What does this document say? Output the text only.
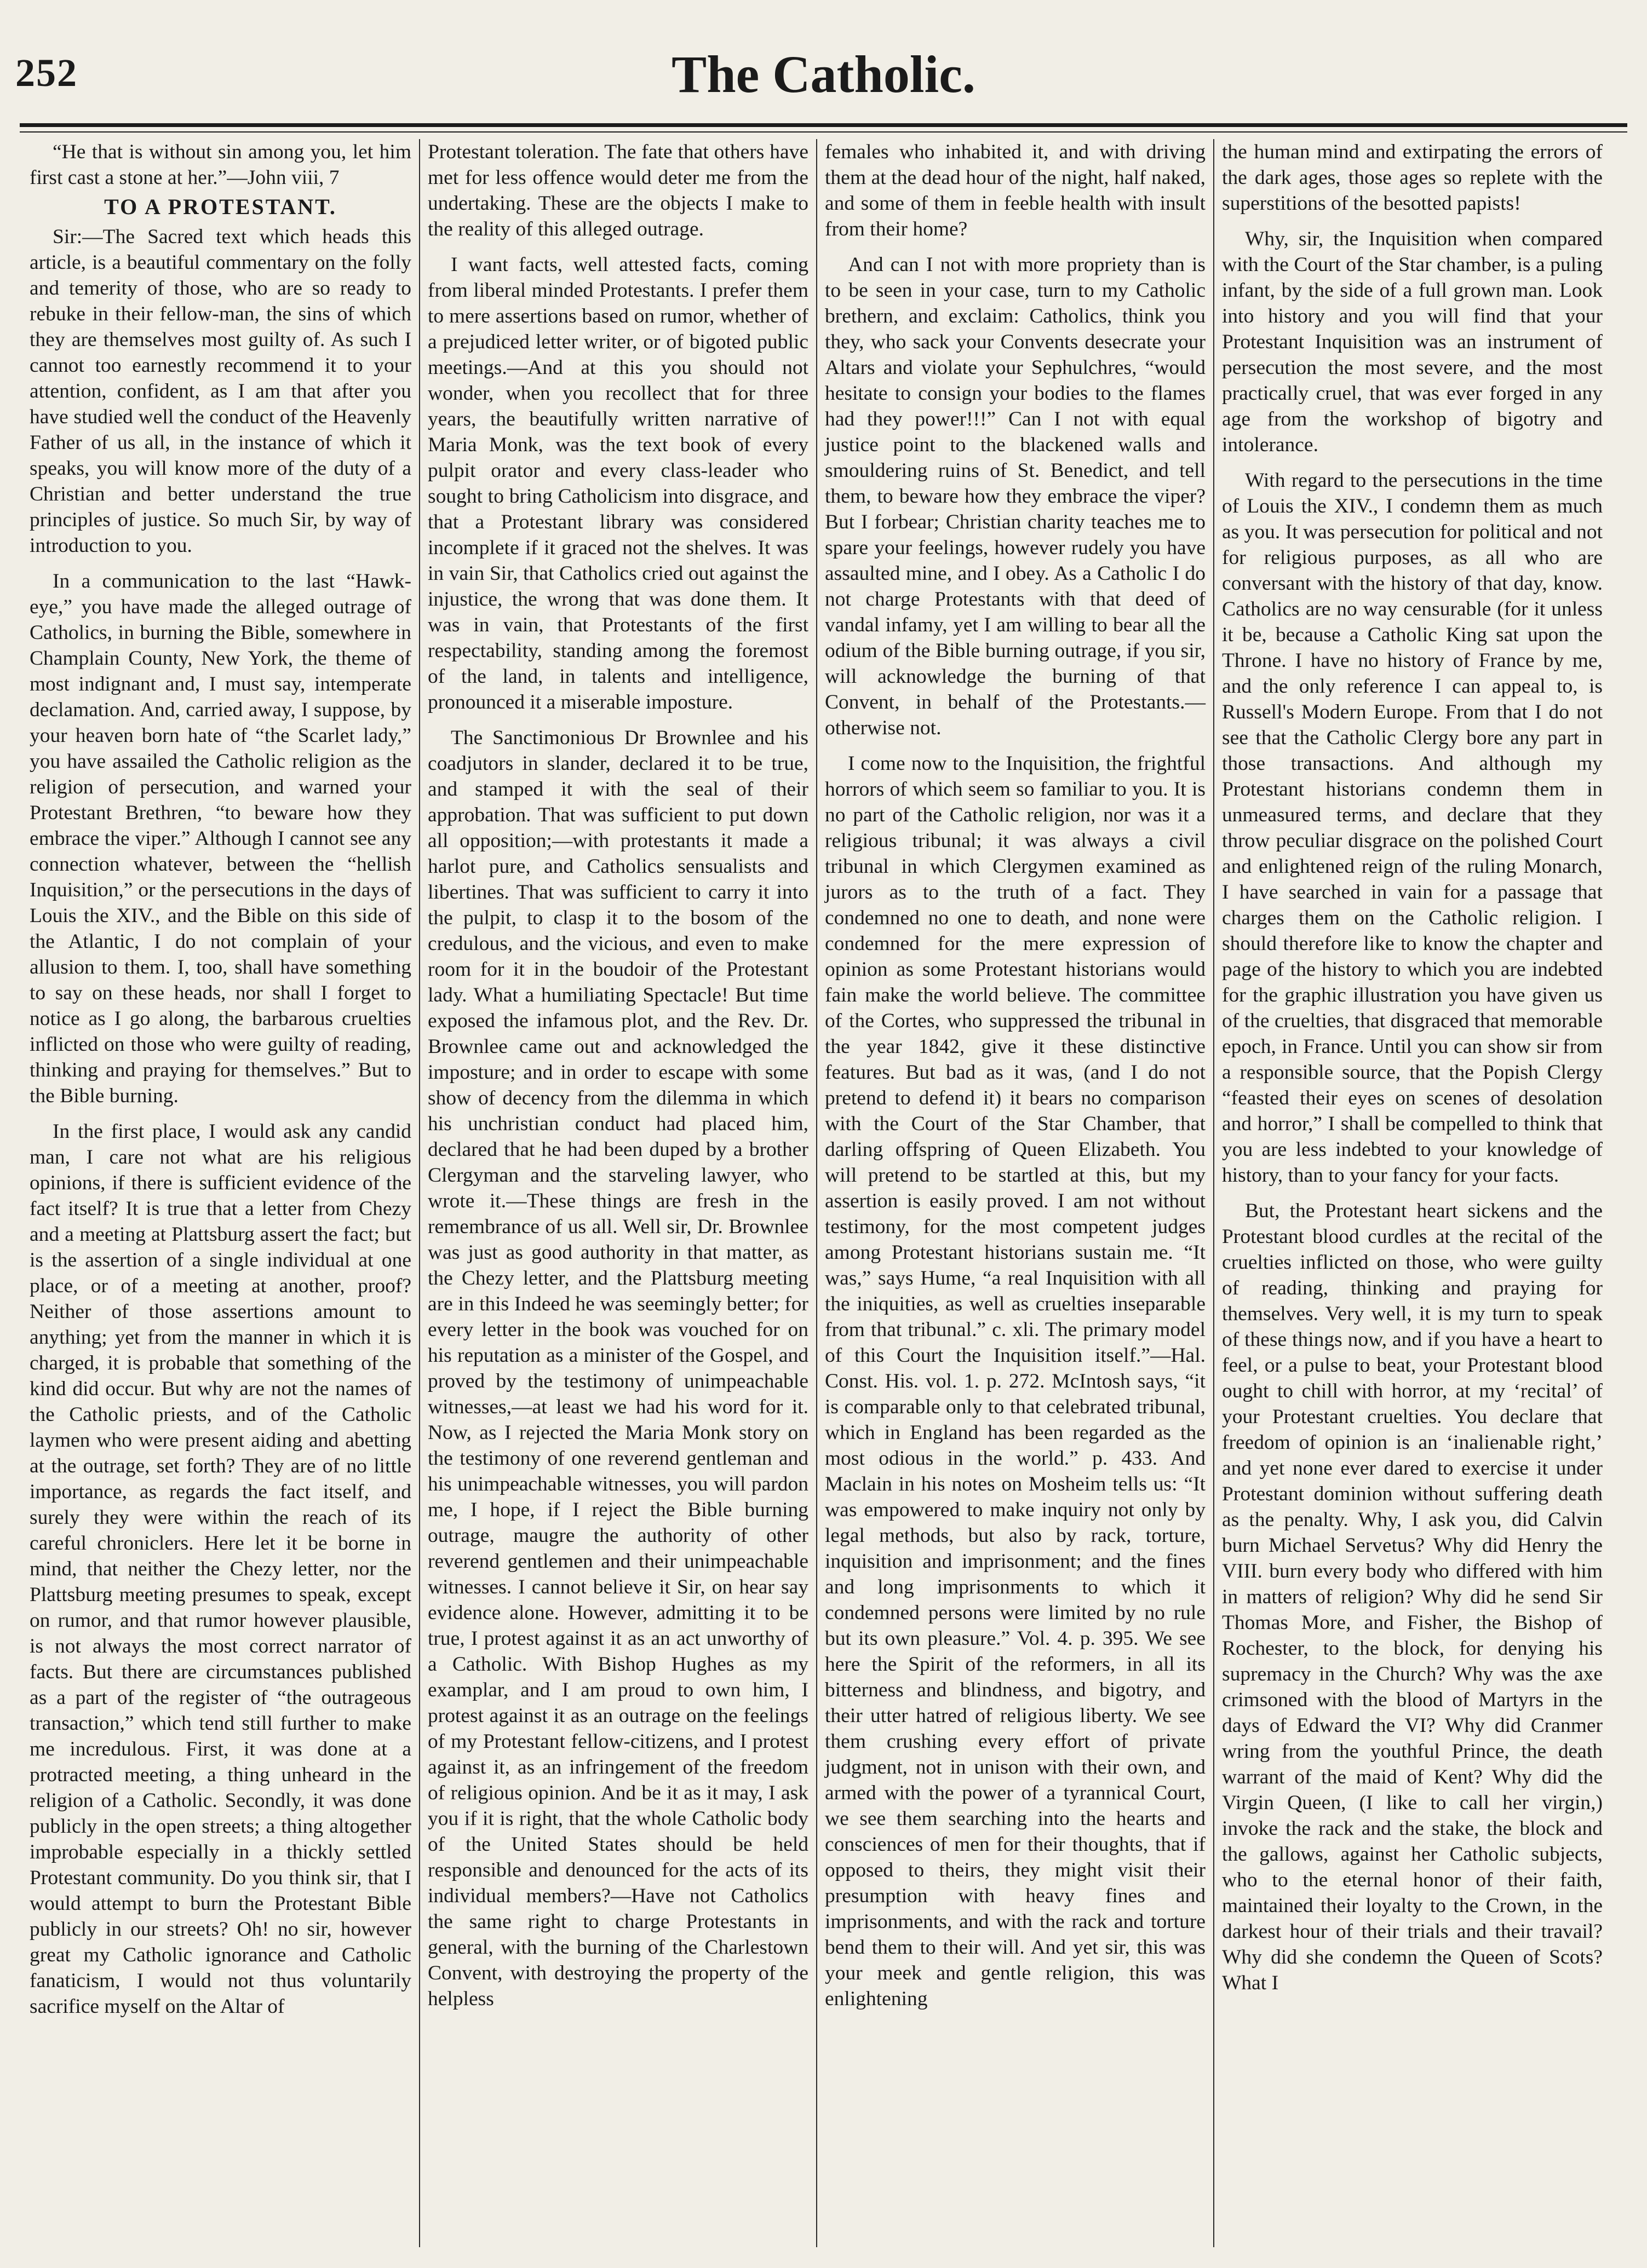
252	The Catholic.

“He that is without sin among you, let him first cast a stone at her.”—John viii, 7

TO A PROTESTANT.

Sir:—The Sacred text which heads this article, is a beautiful commentary on the folly and temerity of those, who are so ready to rebuke in their fellow-man, the sins of which they are themselves most guilty of. As such I cannot too earnestly recommend it to your attention, confident, as I am that after you have studied well the conduct of the Heavenly Father of us all, in the instance of which it speaks, you will know more of the duty of a Christian and better understand the true principles of justice. So much Sir, by way of introduction to you.

In a communication to the last “Hawk-eye,” you have made the alleged outrage of Catholics, in burning the Bible, somewhere in Champlain County, New York, the theme of most indignant and, I must say, intemperate declamation. And, carried away, I suppose, by your heaven born hate of “the Scarlet lady,” you have assailed the Catholic religion as the religion of persecution, and warned your Protestant Brethren, “to beware how they embrace the viper.” Although I cannot see any connection whatever, between the “hellish Inquisition,” or the persecutions in the days of Louis the XIV., and the Bible on this side of the Atlantic, I do not complain of your allusion to them. I, too, shall have something to say on these heads, nor shall I forget to notice as I go along, the barbarous cruelties inflicted on those who were guilty of reading, thinking and praying for themselves.” But to the Bible burning.

In the first place, I would ask any candid man, I care not what are his religious opinions, if there is sufficient evidence of the fact itself? It is true that a letter from Chezy and a meeting at Plattsburg assert the fact; but is the assertion of a single individual at one place, or of a meeting at another, proof? Neither of those assertions amount to anything; yet from the manner in which it is charged, it is probable that something of the kind did occur. But why are not the names of the Catholic priests, and of the Catholic laymen who were present aiding and abetting at the outrage, set forth? They are of no little importance, as regards the fact itself, and surely they were within the reach of its careful chroniclers. Here let it be borne in mind, that neither the Chezy letter, nor the Plattsburg meeting presumes to speak, except on rumor, and that rumor however plausible, is not always the most correct narrator of facts. But there are circumstances published as a part of the register of “the outrageous transaction,” which tend still further to make me incredulous. First, it was done at a protracted meeting, a thing unheard in the religion of a Catholic. Secondly, it was done publicly in the open streets; a thing altogether improbable especially in a thickly settled Protestant community. Do you think sir, that I would attempt to burn the Protestant Bible publicly in our streets? Oh! no sir, however great my Catholic ignorance and Catholic fanaticism, I would not thus voluntarily sacrifice myself on the Altar of

Protestant toleration. The fate that others have met for less offence would deter me from the undertaking. These are the objects I make to the reality of this alleged outrage.

I want facts, well attested facts, coming from liberal minded Protestants. I prefer them to mere assertions based on rumor, whether of a prejudiced letter writer, or of bigoted public meetings.—And at this you should not wonder, when you recollect that for three years, the beautifully written narrative of Maria Monk, was the text book of every pulpit orator and every class-leader who sought to bring Catholicism into disgrace, and that a Protestant library was considered incomplete if it graced not the shelves. It was in vain Sir, that Catholics cried out against the injustice, the wrong that was done them. It was in vain, that Protestants of the first respectability, standing among the foremost of the land, in talents and intelligence, pronounced it a miserable imposture.

The Sanctimonious Dr Brownlee and his coadjutors in slander, declared it to be true, and stamped it with the seal of their approbation. That was sufficient to put down all opposition;—with protestants it made a harlot pure, and Catholics sensualists and libertines. That was sufficient to carry it into the pulpit, to clasp it to the bosom of the credulous, and the vicious, and even to make room for it in the boudoir of the Protestant lady. What a humiliating Spectacle! But time exposed the infamous plot, and the Rev. Dr. Brownlee came out and acknowledged the imposture; and in order to escape with some show of decency from the dilemma in which his unchristian conduct had placed him, declared that he had been duped by a brother Clergyman and the starveling lawyer, who wrote it.—These things are fresh in the remembrance of us all. Well sir, Dr. Brownlee was just as good authority in that matter, as the Chezy letter, and the Plattsburg meeting are in this Indeed he was seemingly better; for every letter in the book was vouched for on his reputation as a minister of the Gospel, and proved by the testimony of unimpeachable witnesses,—at least we had his word for it. Now, as I rejected the Maria Monk story on the testimony of one reverend gentleman and his unimpeachable witnesses, you will pardon me, I hope, if I reject the Bible burning outrage, maugre the authority of other reverend gentlemen and their unimpeachable witnesses. I cannot believe it Sir, on hear say evidence alone. However, admitting it to be true, I protest against it as an act unworthy of a Catholic. With Bishop Hughes as my examplar, and I am proud to own him, I protest against it as an outrage on the feelings of my Protestant fellow-citizens, and I protest against it, as an infringement of the freedom of religious opinion. And be it as it may, I ask you if it is right, that the whole Catholic body of the United States should be held responsible and denounced for the acts of its individual members?—Have not Catholics the same right to charge Protestants in general, with the burning of the Charlestown Convent, with destroying the property of the helpless

females who inhabited it, and with driving them at the dead hour of the night, half naked, and some of them in feeble health with insult from their home?

And can I not with more propriety than is to be seen in your case, turn to my Catholic brethern, and exclaim: Catholics, think you they, who sack your Convents desecrate your Altars and violate your Sephulchres, “would hesitate to consign your bodies to the flames had they power!!!” Can I not with equal justice point to the blackened walls and smouldering ruins of St. Benedict, and tell them, to beware how they embrace the viper? But I forbear; Christian charity teaches me to spare your feelings, however rudely you have assaulted mine, and I obey. As a Catholic I do not charge Protestants with that deed of vandal infamy, yet I am willing to bear all the odium of the Bible burning outrage, if you sir, will acknowledge the burning of that Convent, in behalf of the Protestants.—otherwise not.

I come now to the Inquisition, the frightful horrors of which seem so familiar to you. It is no part of the Catholic religion, nor was it a religious tribunal; it was always a civil tribunal in which Clergymen examined as jurors as to the truth of a fact. They condemned no one to death, and none were condemned for the mere expression of opinion as some Protestant historians would fain make the world believe. The committee of the Cortes, who suppressed the tribunal in the year 1842, give it these distinctive features. But bad as it was, (and I do not pretend to defend it) it bears no comparison with the Court of the Star Chamber, that darling offspring of Queen Elizabeth. You will pretend to be startled at this, but my assertion is easily proved. I am not without testimony, for the most competent judges among Protestant historians sustain me. “It was,” says Hume, “a real Inquisition with all the iniquities, as well as cruelties inseparable from that tribunal.” c. xli. The primary model of this Court the Inquisition itself.”—Hal. Const. His. vol. 1. p. 272. McIntosh says, “it is comparable only to that celebrated tribunal, which in England has been regarded as the most odious in the world.” p. 433. And Maclain in his notes on Mosheim tells us: “It was empowered to make inquiry not only by legal methods, but also by rack, torture, inquisition and imprisonment; and the fines and long imprisonments to which it condemned persons were limited by no rule but its own pleasure.” Vol. 4. p. 395. We see here the Spirit of the reformers, in all its bitterness and blindness, and bigotry, and their utter hatred of religious liberty. We see them crushing every effort of private judgment, not in unison with their own, and armed with the power of a tyrannical Court, we see them searching into the hearts and consciences of men for their thoughts, that if opposed to theirs, they might visit their presumption with heavy fines and imprisonments, and with the rack and torture bend them to their will. And yet sir, this was your meek and gentle religion, this was enlightening

the human mind and extirpating the errors of the dark ages, those ages so replete with the superstitions of the besotted papists!

Why, sir, the Inquisition when compared with the Court of the Star chamber, is a puling infant, by the side of a full grown man. Look into history and you will find that your Protestant Inquisition was an instrument of persecution the most severe, and the most practically cruel, that was ever forged in any age from the workshop of bigotry and intolerance.

With regard to the persecutions in the time of Louis the XIV., I condemn them as much as you. It was persecution for political and not for religious purposes, as all who are conversant with the history of that day, know. Catholics are no way censurable (for it unless it be, because a Catholic King sat upon the Throne. I have no history of France by me, and the only reference I can appeal to, is Russell's Modern Europe. From that I do not see that the Catholic Clergy bore any part in those transactions. And although my Protestant historians condemn them in unmeasured terms, and declare that they throw peculiar disgrace on the polished Court and enlightened reign of the ruling Monarch, I have searched in vain for a passage that charges them on the Catholic religion. I should therefore like to know the chapter and page of the history to which you are indebted for the graphic illustration you have given us of the cruelties, that disgraced that memorable epoch, in France. Until you can show sir from a responsible source, that the Popish Clergy “feasted their eyes on scenes of desolation and horror,” I shall be compelled to think that you are less indebted to your knowledge of history, than to your fancy for your facts.

But, the Protestant heart sickens and the Protestant blood curdles at the recital of the cruelties inflicted on those, who were guilty of reading, thinking and praying for themselves. Very well, it is my turn to speak of these things now, and if you have a heart to feel, or a pulse to beat, your Protestant blood ought to chill with horror, at my ‘recital’ of your Protestant cruelties. You declare that freedom of opinion is an ‘inalienable right,’ and yet none ever dared to exercise it under Protestant dominion without suffering death as the penalty. Why, I ask you, did Calvin burn Michael Servetus? Why did Henry the VIII. burn every body who differed with him in matters of religion? Why did he send Sir Thomas More, and Fisher, the Bishop of Rochester, to the block, for denying his supremacy in the Church? Why was the axe crimsoned with the blood of Martyrs in the days of Edward the VI? Why did Cranmer wring from the youthful Prince, the death warrant of the maid of Kent? Why did the Virgin Queen, (I like to call her virgin,) invoke the rack and the stake, the block and the gallows, against her Catholic subjects, who to the eternal honor of their faith, maintained their loyalty to the Crown, in the darkest hour of their trials and their travail? Why did she condemn the Queen of Scots? What I
